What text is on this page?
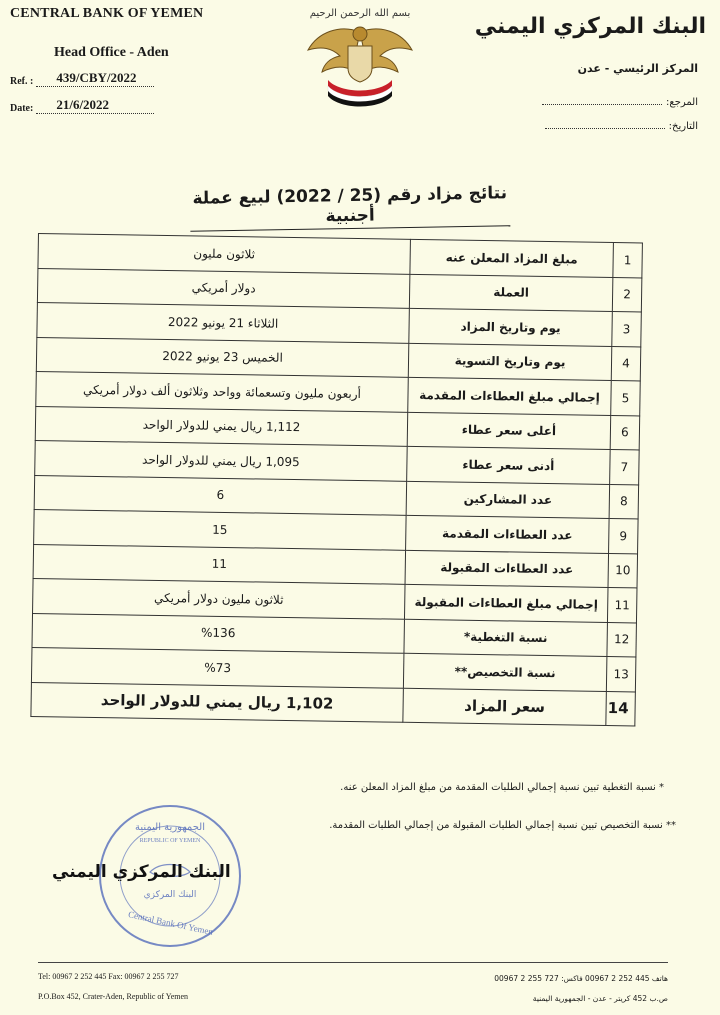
CENTRAL BANK OF YEMEN
Head Office - Aden
Ref. : 439/CBY/2022
Date: 21/6/2022
بسم الله الرحمن الرحيم
البنك المركزي اليمني
المركز الرئيسي - عدن
المرجع:
التاريخ:
نتائج مزاد رقم (25 / 2022) لبيع عملة أجنبية
ثلاثون مليون	مبلغ المزاد المعلن عنه	1
دولار أمريكي	العملة	2
الثلاثاء 21 يونيو 2022	يوم وتاريخ المزاد	3
الخميس 23 يونيو 2022	يوم وتاريخ التسوية	4
أربعون مليون وتسعمائة وواحد وثلاثون ألف دولار أمريكي	إجمالي مبلغ العطاءات المقدمة	5
1,112 ريال يمني للدولار الواحد	أعلى سعر عطاء	6
1,095 ريال يمني للدولار الواحد	أدنى سعر عطاء	7
6	عدد المشاركين	8
15	عدد العطاءات المقدمة	9
11	عدد العطاءات المقبولة	10
ثلاثون مليون دولار أمريكي	إجمالي مبلغ العطاءات المقبولة	11
%136	نسبة التغطية*	12
%73	نسبة التخصيص**	13
1,102 ريال يمني للدولار الواحد	سعر المزاد	14
* نسبة التغطية تبين نسبة إجمالي الطلبات المقدمة من مبلغ المزاد المعلن عنه.
** نسبة التخصيص تبين نسبة إجمالي الطلبات المقبولة من إجمالي الطلبات المقدمة.
الجمهورية اليمنية
REPUBLIC OF YEMEN
البنك المركزي
Central Bank Of Yemen
البنك المركزي اليمني
Tel: 00967 2 252 445 Fax: 00967 2 255 727
P.O.Box 452, Crater-Aden, Republic of Yemen
هاتف 445 252 2 00967 فاكس: 727 255 2 00967
ص.ب 452 كريتر - عدن - الجمهورية اليمنية
